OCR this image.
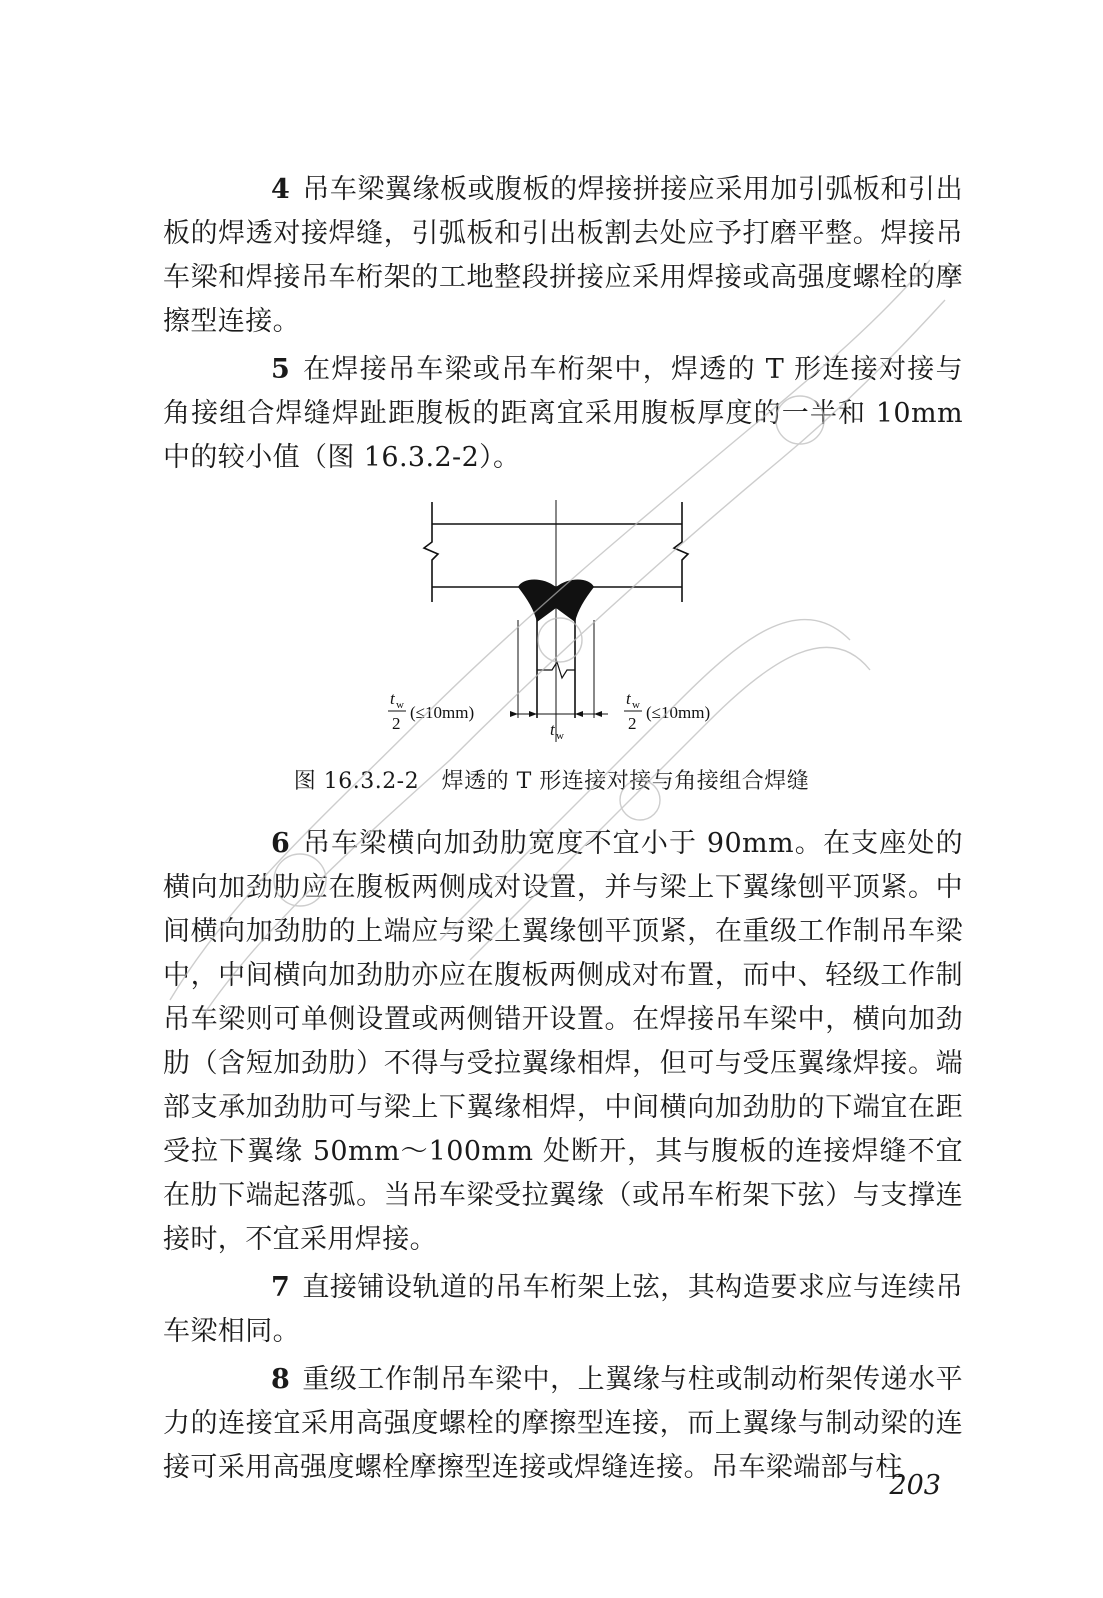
4 吊车梁翼缘板或腹板的焊接拼接应采用加引弧板和引出板的焊透对接焊缝，引弧板和引出板割去处应予打磨平整。焊接吊车梁和焊接吊车桁架的工地整段拼接应采用焊接或高强度螺栓的摩擦型连接。

5 在焊接吊车梁或吊车桁架中，焊透的 T 形连接对接与角接组合焊缝焊趾距腹板的距离宜采用腹板厚度的一半和 10mm 中的较小值（图 16.3.2-2）。

t w
2
(≤10mm)
t w
t w
2
(≤10mm)
图 16.3.2-2　焊透的 T 形连接对接与角接组合焊缝

6 吊车梁横向加劲肋宽度不宜小于 90mm。在支座处的横向加劲肋应在腹板两侧成对设置，并与梁上下翼缘刨平顶紧。中间横向加劲肋的上端应与梁上翼缘刨平顶紧，在重级工作制吊车梁中，中间横向加劲肋亦应在腹板两侧成对布置，而中、轻级工作制吊车梁则可单侧设置或两侧错开设置。在焊接吊车梁中，横向加劲肋（含短加劲肋）不得与受拉翼缘相焊，但可与受压翼缘焊接。端部支承加劲肋可与梁上下翼缘相焊，中间横向加劲肋的下端宜在距受拉下翼缘 50mm～100mm 处断开，其与腹板的连接焊缝不宜在肋下端起落弧。当吊车梁受拉翼缘（或吊车桁架下弦）与支撑连接时，不宜采用焊接。

7 直接铺设轨道的吊车桁架上弦，其构造要求应与连续吊车梁相同。

8 重级工作制吊车梁中，上翼缘与柱或制动桁架传递水平力的连接宜采用高强度螺栓的摩擦型连接，而上翼缘与制动梁的连接可采用高强度螺栓摩擦型连接或焊缝连接。吊车梁端部与柱

203
